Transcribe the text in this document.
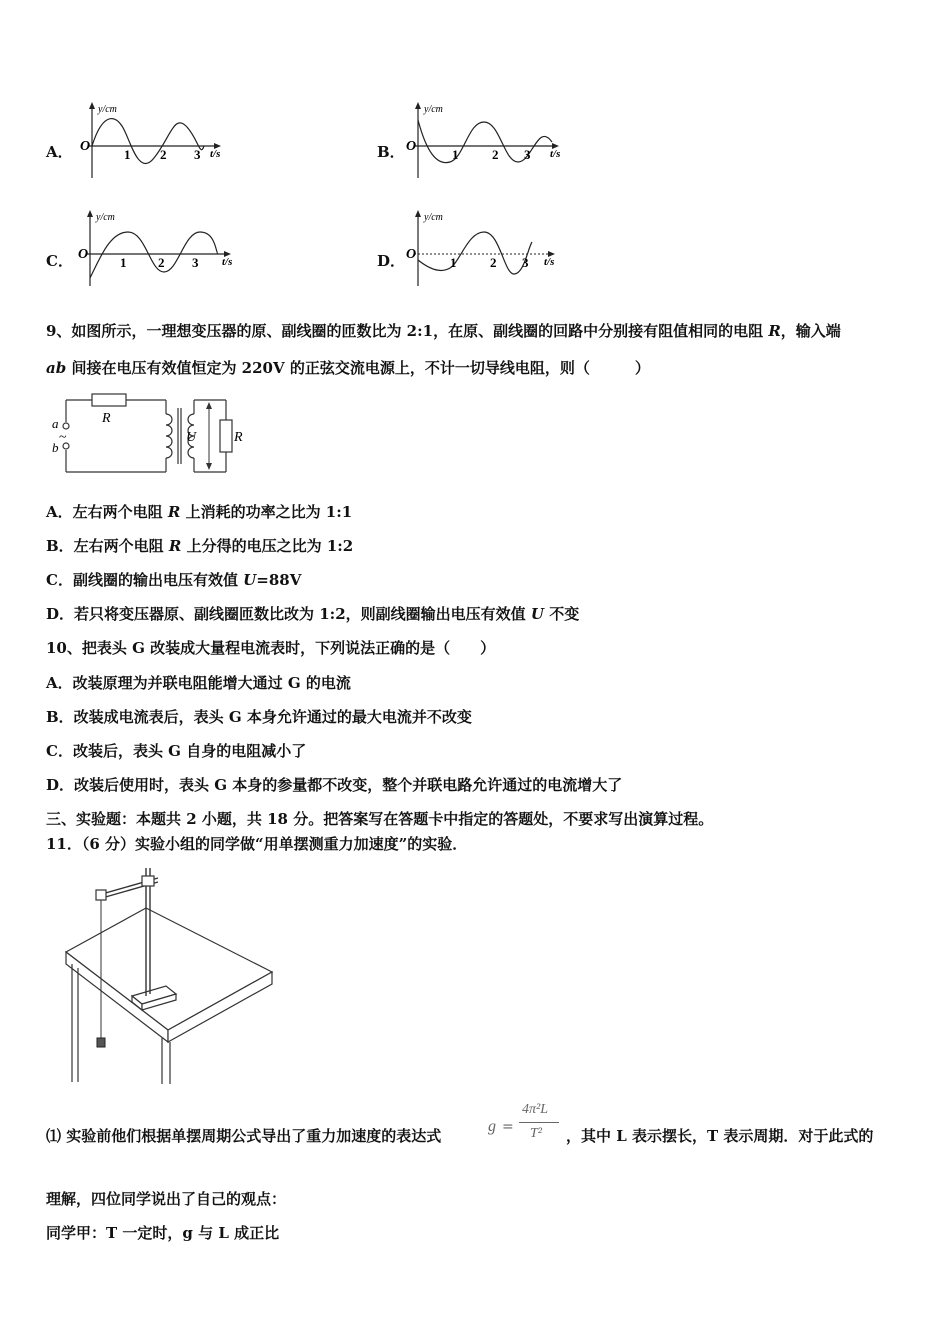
A． O
y/cm
t/s
1 2 3	B． O
y/cm
t/s
1	2 3
C． O
y/cm
t/s
1 2 3	D． O
y/cm
t/s
1	2 3
9、如图所示，一理想变压器的原、副线圈的匝数比为 2:1，在原、副线圈的回路中分别接有阻值相同的电阻 R，输入端
ab 间接在电压有效值恒定为 220V 的正弦交流电源上，不计一切导线电阻，则（　　　）
a
b
~
R
U	R
A．左右两个电阻 R 上消耗的功率之比为 1:1
B．左右两个电阻 R 上分得的电压之比为 1:2
C．副线圈的输出电压有效值 U=88V
D．若只将变压器原、副线圈匝数比改为 1:2，则副线圈输出电压有效值 U 不变
10、把表头 G 改装成大量程电流表时，下列说法正确的是（　　）
A．改装原理为并联电阻能增大通过 G 的电流
B．改装成电流表后，表头 G 本身允许通过的最大电流并不改变
C．改装后，表头 G 自身的电阻减小了
D．改装后使用时，表头 G 本身的参量都不改变，整个并联电路允许通过的电流增大了
三、实验题：本题共 2 小题，共 18 分。把答案写在答题卡中指定的答题处，不要求写出演算过程。
11．（6 分）实验小组的同学做“用单摆测重力加速度”的实验．
⑴ 实验前他们根据单摆周期公式导出了重力加速度的表达式
g =
4π²L
T² ，其中 L 表示摆长，T 表示周期．对于此式的
理解，四位同学说出了自己的观点：
同学甲：T 一定时，g 与 L 成正比
